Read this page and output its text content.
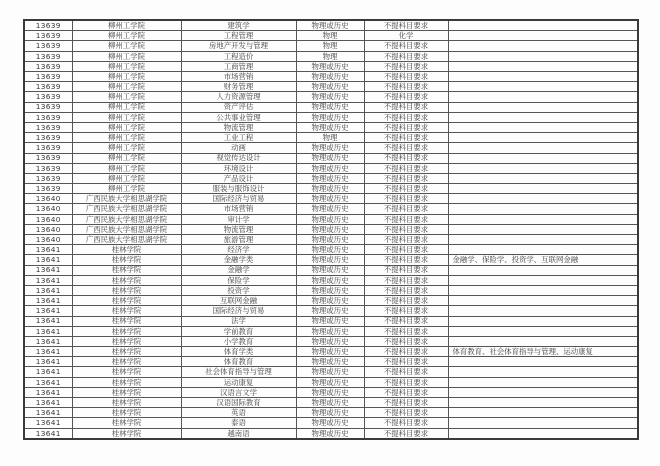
13639	柳州工学院	建筑学	物理或历史	不提科目要求	
13639	柳州工学院	工程管理	物理	化学	
13639	柳州工学院	房地产开发与管理	物理	不提科目要求	
13639	柳州工学院	工程造价	物理	不提科目要求	
13639	柳州工学院	工商管理	物理或历史	不提科目要求	
13639	柳州工学院	市场营销	物理或历史	不提科目要求	
13639	柳州工学院	财务管理	物理或历史	不提科目要求	
13639	柳州工学院	人力资源管理	物理或历史	不提科目要求	
13639	柳州工学院	资产评估	物理或历史	不提科目要求	
13639	柳州工学院	公共事业管理	物理或历史	不提科目要求	
13639	柳州工学院	物流管理	物理或历史	不提科目要求	
13639	柳州工学院	工业工程	物理	不提科目要求	
13639	柳州工学院	动画	物理或历史	不提科目要求	
13639	柳州工学院	视觉传达设计	物理或历史	不提科目要求	
13639	柳州工学院	环境设计	物理或历史	不提科目要求	
13639	柳州工学院	产品设计	物理或历史	不提科目要求	
13639	柳州工学院	服装与服饰设计	物理或历史	不提科目要求	
13640	广西民族大学相思湖学院	国际经济与贸易	物理或历史	不提科目要求	
13640	广西民族大学相思湖学院	市场营销	物理或历史	不提科目要求	
13640	广西民族大学相思湖学院	审计学	物理或历史	不提科目要求	
13640	广西民族大学相思湖学院	物流管理	物理或历史	不提科目要求	
13640	广西民族大学相思湖学院	旅游管理	物理或历史	不提科目要求	
13641	桂林学院	经济学	物理或历史	不提科目要求	
13641	桂林学院	金融学类	物理或历史	不提科目要求	金融学、保险学、投资学、互联网金融
13641	桂林学院	金融学	物理或历史	不提科目要求	
13641	桂林学院	保险学	物理或历史	不提科目要求	
13641	桂林学院	投资学	物理或历史	不提科目要求	
13641	桂林学院	互联网金融	物理或历史	不提科目要求	
13641	桂林学院	国际经济与贸易	物理或历史	不提科目要求	
13641	桂林学院	法学	物理或历史	不提科目要求	
13641	桂林学院	学前教育	物理或历史	不提科目要求	
13641	桂林学院	小学教育	物理或历史	不提科目要求	
13641	桂林学院	体育学类	物理或历史	不提科目要求	体育教育、社会体育指导与管理、运动康复
13641	桂林学院	体育教育	物理或历史	不提科目要求	
13641	桂林学院	社会体育指导与管理	物理或历史	不提科目要求	
13641	桂林学院	运动康复	物理或历史	不提科目要求	
13641	桂林学院	汉语言文学	物理或历史	不提科目要求	
13641	桂林学院	汉语国际教育	物理或历史	不提科目要求	
13641	桂林学院	英语	物理或历史	不提科目要求	
13641	桂林学院	泰语	物理或历史	不提科目要求	
13641	桂林学院	越南语	物理或历史	不提科目要求	
